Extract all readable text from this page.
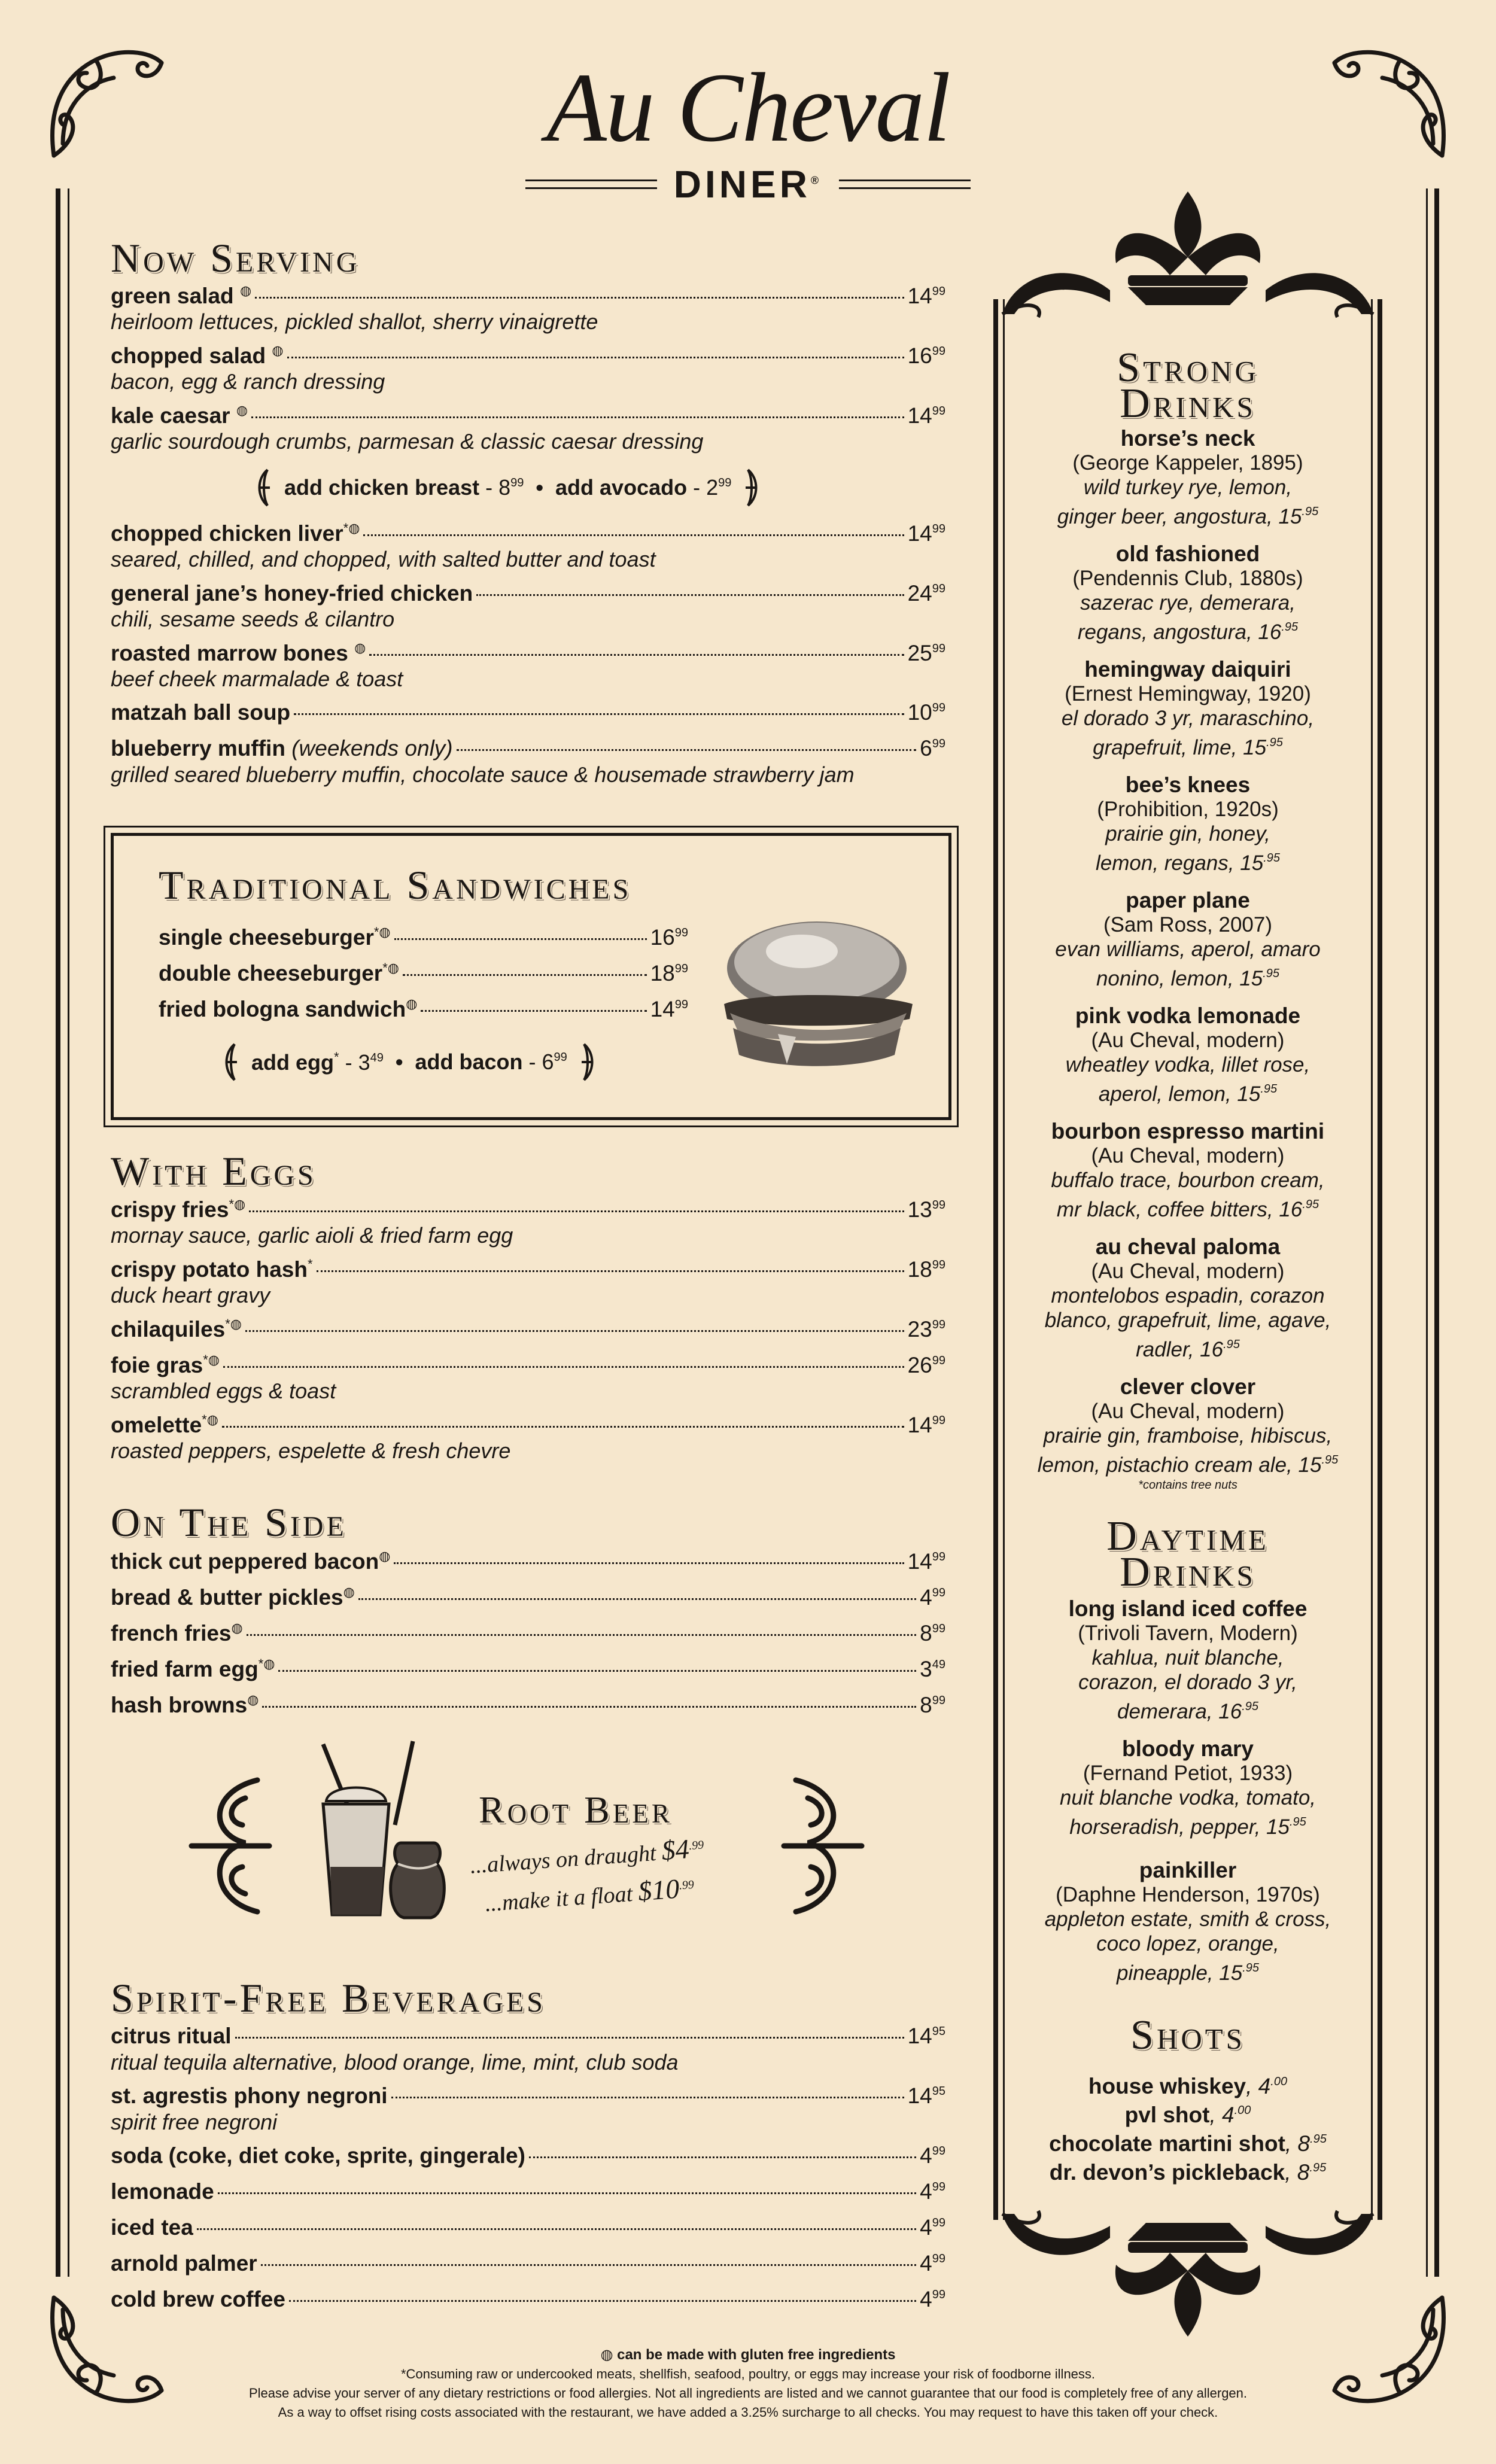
Au Cheval
DINER®
Now Serving
green salad ◍	$14^{99}$
heirloom lettuces, pickled shallot, sherry vinaigrette
chopped salad ◍	$16^{99}$
bacon, egg & ranch dressing
kale caesar ◍	$14^{99}$
garlic sourdough crumbs, parmesan & classic caesar dressing
add chicken breast - $8^{99}$ • add avocado - $2^{99}$
chopped chicken liver*◍	$14^{99}$
seared, chilled, and chopped, with salted butter and toast
general jane’s honey-fried chicken	$24^{99}$
chili, sesame seeds & cilantro
roasted marrow bones ◍	$25^{99}$
beef cheek marmalade & toast
matzah ball soup	$10^{99}$
blueberry muffin (weekends only)	$6^{99}$
grilled seared blueberry muffin, chocolate sauce & housemade strawberry jam
Traditional Sandwiches
single cheeseburger*◍	$16^{99}$
double cheeseburger*◍	$18^{99}$
fried bologna sandwich◍	$14^{99}$
add $egg^* - 3^{49}$ • add bacon - $6^{99}$
With Eggs
crispy fries*◍	$13^{99}$
mornay sauce, garlic aioli & fried farm egg
crispy potato hash*	$18^{99}$
duck heart gravy
chilaquiles*◍	$23^{99}$
foie gras*◍	$26^{99}$
scrambled eggs & toast
omelette*◍	$14^{99}$
roasted peppers, espelette & fresh chevre
On The Side
thick cut peppered bacon◍	$14^{99}$
bread & butter pickles◍	$4^{99}$
french fries◍	$8^{99}$
fried farm egg*◍	$3^{49}$
hash browns◍	$8^{99}$
Root Beer
...always on draught $\$4^{.99}$
...make it a float $\$10^{.99}$
Spirit-Free Beverages
citrus ritual	$14^{95}$
ritual tequila alternative, blood orange, lime, mint, club soda
st. agrestis phony negroni	$14^{95}$
spirit free negroni
soda (coke, diet coke, sprite, gingerale)	$4^{99}$
lemonade	$4^{99}$
iced tea	$4^{99}$
arnold palmer	$4^{99}$
cold brew coffee	$4^{99}$
◍ can be made with gluten free ingredients
*Consuming raw or undercooked meats, shellfish, seafood, poultry, or eggs may increase your risk of foodborne illness.
Please advise your server of any dietary restrictions or food allergies. Not all ingredients are listed and we cannot guarantee that our food is completely free of any allergen.
As a way to offset rising costs associated with the restaurant, we have added a 3.25% surcharge to all checks. You may request to have this taken off your check.
Strong
Drinks
horse’s neck
(George Kappeler, 1895)
wild turkey rye, lemon,
ginger beer, angostura, $15^{.95}$
old fashioned
(Pendennis Club, 1880s)
sazerac rye, demerara,
regans, angostura, $16^{.95}$
hemingway daiquiri
(Ernest Hemingway, 1920)
el dorado 3 yr, maraschino,
grapefruit, lime, $15^{.95}$
bee’s knees
(Prohibition, 1920s)
prairie gin, honey,
lemon, regans, $15^{.95}$
paper plane
(Sam Ross, 2007)
evan williams, aperol, amaro
nonino, lemon, $15^{.95}$
pink vodka lemonade
(Au Cheval, modern)
wheatley vodka, lillet rose,
aperol, lemon, $15^{.95}$
bourbon espresso martini
(Au Cheval, modern)
buffalo trace, bourbon cream,
mr black, coffee bitters, $16^{.95}$
au cheval paloma
(Au Cheval, modern)
montelobos espadin, corazon
blanco, grapefruit, lime, agave,
radler, $16^{.95}$
clever clover
(Au Cheval, modern)
prairie gin, framboise, hibiscus,
lemon, pistachio cream ale, $15^{.95}$
*contains tree nuts
Daytime
Drinks
long island iced coffee
(Trivoli Tavern, Modern)
kahlua, nuit blanche,
corazon, el dorado 3 yr,
demerara, $16^{.95}$
bloody mary
(Fernand Petiot, 1933)
nuit blanche vodka, tomato,
horseradish, pepper, $15^{.95}$
painkiller
(Daphne Henderson, 1970s)
appleton estate, smith & cross,
coco lopez, orange,
pineapple, $15^{.95}$
Shots
house whiskey, $4^{.00}$
pvl shot, $4^{.00}$
chocolate martini shot, $8^{.95}$
dr. devon’s pickleback, $8^{.95}$
